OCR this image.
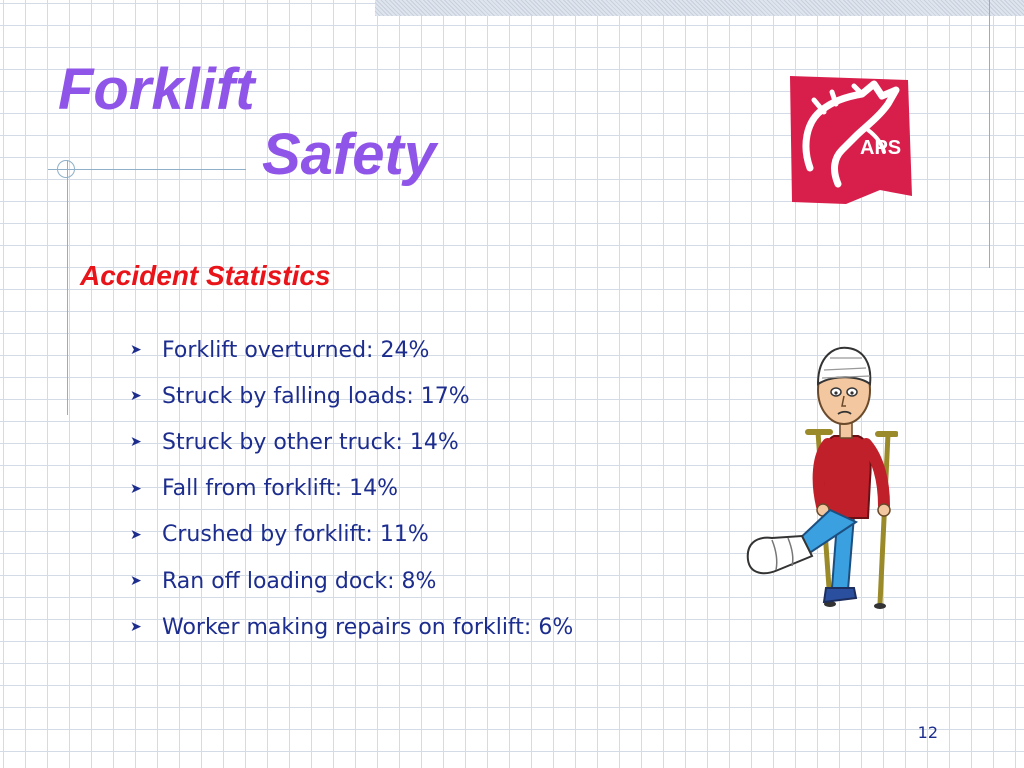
Forklift
Safety	APS
Accident Statistics
➤ Forklift overturned: 24%
➤ Struck by falling loads: 17%
➤ Struck by other truck: 14%
➤ Fall from forklift: 14%
➤ Crushed by forklift: 11%
➤ Ran off loading dock: 8%
➤ Worker making repairs on forklift: 6%
12
